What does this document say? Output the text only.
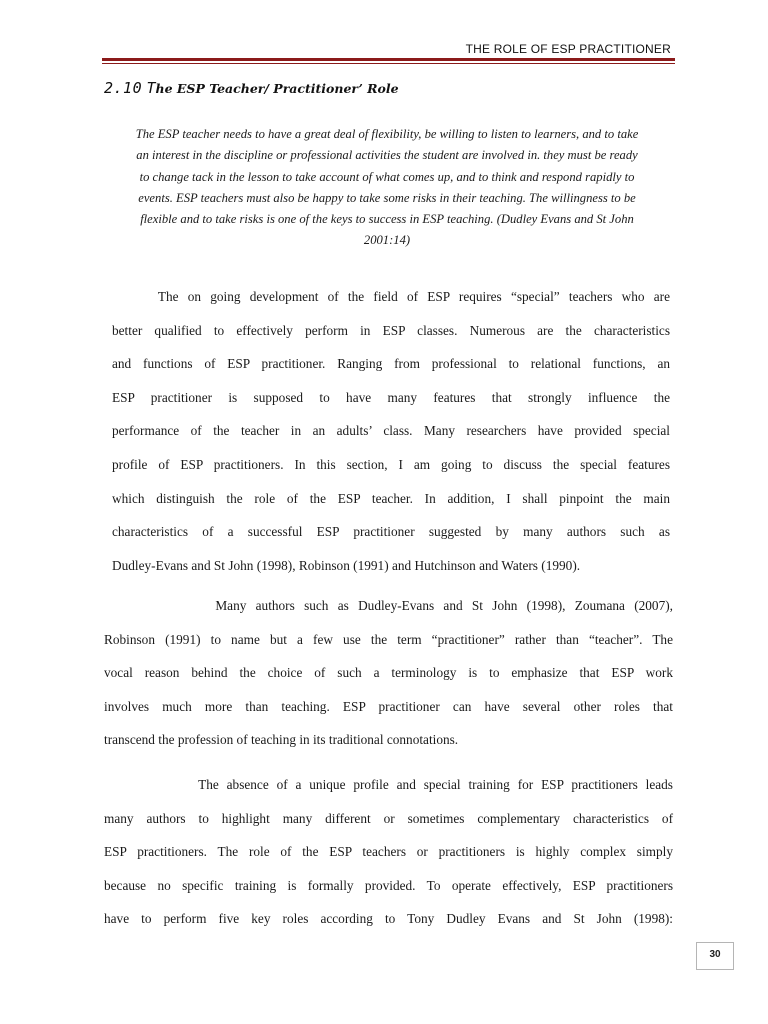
THE ROLE OF ESP PRACTITIONER
2.10 The ESP Teacher/ Practitioner’ Role
The ESP teacher needs to have a great deal of flexibility, be willing to listen to learners, and to take
an interest in the discipline or professional activities the student are involved in. they must be ready
to change tack in the lesson to take account of what comes up, and to think and respond rapidly to
events. ESP teachers must also be happy to take some risks in their teaching. The willingness to be
flexible and to take risks is one of the keys to success in ESP teaching. (Dudley Evans and St John
2001:14)
The on going development of the field of ESP requires “special” teachers who are
better qualified to effectively perform in ESP classes. Numerous are the characteristics
and functions of ESP practitioner. Ranging from professional to relational functions, an
ESP practitioner is supposed to have many features that strongly influence the
performance of the teacher in an adults’ class. Many researchers have provided special
profile of ESP practitioners. In this section, I am going to discuss the special features
which distinguish the role of the ESP teacher. In addition, I shall pinpoint the main
characteristics of a successful ESP practitioner suggested by many authors such as
Dudley-Evans and St John (1998), Robinson (1991) and Hutchinson and Waters (1990).
Many authors such as Dudley-Evans and St John (1998), Zoumana (2007),
Robinson (1991) to name but a few use the term “practitioner” rather than “teacher”. The
vocal reason behind the choice of such a terminology is to emphasize that ESP work
involves much more than teaching. ESP practitioner can have several other roles that
transcend the profession of teaching in its traditional connotations.
The absence of a unique profile and special training for ESP practitioners leads
many authors to highlight many different or sometimes complementary characteristics of
ESP practitioners. The role of the ESP teachers or practitioners is highly complex simply
because no specific training is formally provided. To operate effectively, ESP practitioners
have to perform five key roles according to Tony Dudley Evans and St John (1998):
30
